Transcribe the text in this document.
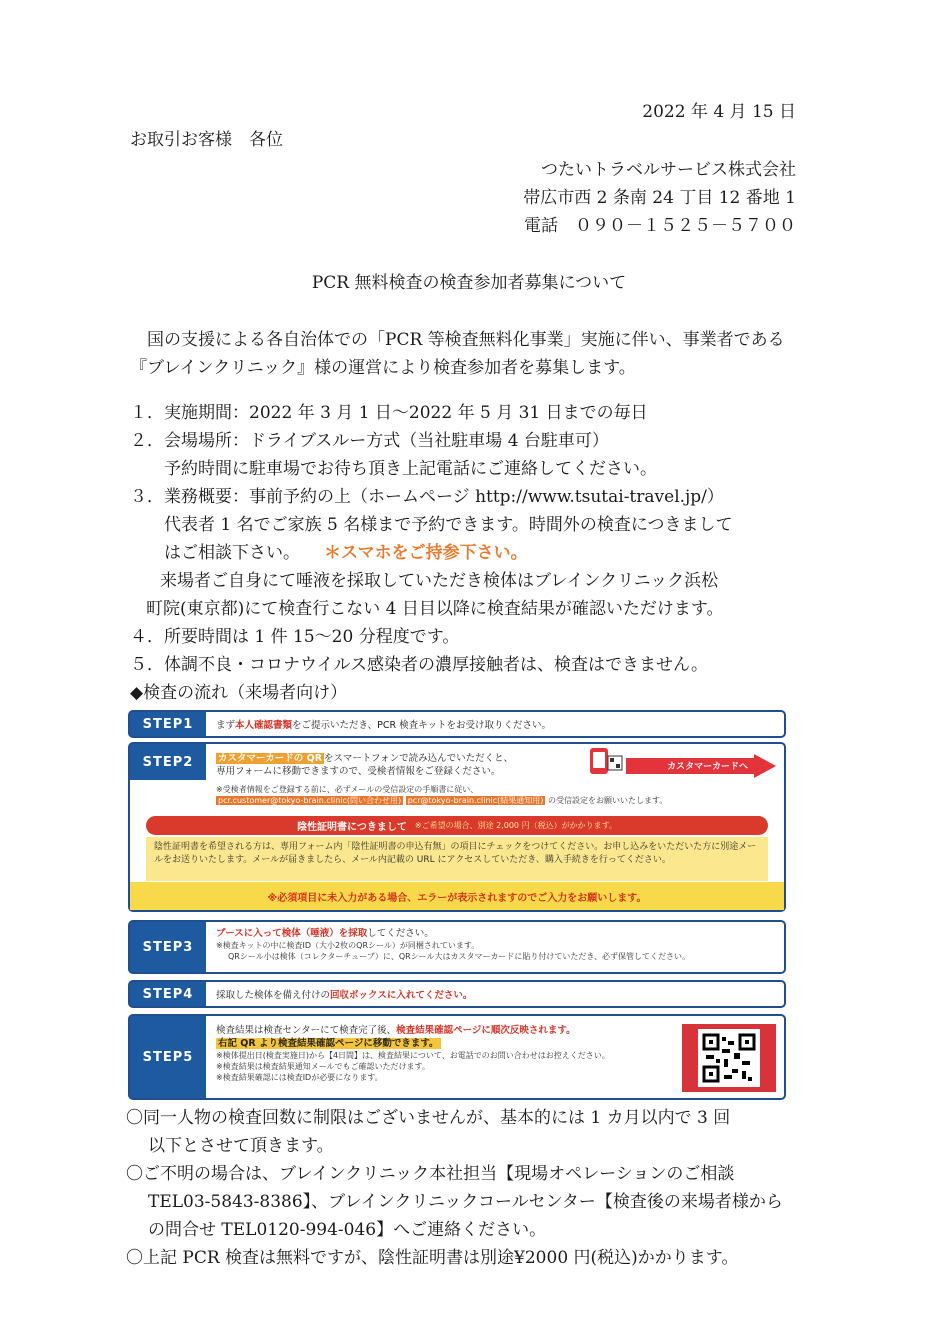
2022 年 4 月 15 日
お取引お客様　各位
つたいトラベルサービス株式会社
帯広市西 2 条南 24 丁目 12 番地 1
電話　０９０－１５２５－５７００
PCR 無料検査の検査参加者募集について
国の支援による各自治体での「PCR 等検査無料化事業」実施に伴い、事業者である『ブレインクリニック』様の運営により検査参加者を募集します。
１． 実施期間：2022 年 3 月 1 日～2022 年 5 月 31 日までの毎日
２． 会場場所：ドライブスルー方式（当社駐車場 4 台駐車可）
予約時間に駐車場でお待ち頂き上記電話にご連絡してください。
３． 業務概要：事前予約の上（ホームページ http://www.tsutai-travel.jp/）
代表者 1 名でご家族 5 名様まで予約できます。時間外の検査につきまして
はご相談下さい。 ＊スマホをご持参下さい。
来場者ご自身にて唾液を採取していただき検体はブレインクリニック浜松
町院(東京都)にて検査行こない 4 日目以降に検査結果が確認いただけます。
４． 所要時間は 1 件 15～20 分程度です。
５． 体調不良・コロナウイルス感染者の濃厚接触者は、検査はできません。
◆検査の流れ（来場者向け）
STEP1	まず本人確認書類をご提示いただき、PCR 検査キットをお受け取りください。
STEP2	カスタマーカードの QR をスマートフォンで読み込んでいただくと、
専用フォームに移動できますので、受検者情報をご登録ください。
※受検者情報をご登録する前に、必ずメールの受信設定の手順書に従い、
pcr.customer@tokyo-brain.clinic(問い合わせ用) pcr@tokyo-brain.clinic(結果通知用) の受信設定をお願いいたします。
カスタマーカードへ
陰性証明書につきまして ※ご希望の場合、別途 2,000 円（税込）がかかります。
陰性証明書を希望される方は、専用フォーム内「陰性証明書の申込有無」の項目にチェックをつけてください。お申し込みをいただいた方に別途メールをお送りいたします。メールが届きましたら、メール内記載の URL にアクセスしていただき、購入手続きを行ってください。
※必須項目に未入力がある場合、エラーが表示されますのでご入力をお願いします。
STEP3
ブースに入って検体（唾液）を採取してください。
※検査キットの中に検査ID（大小2枚のQRシール）が同梱されています。
QRシール小は検体（コレクターチューブ）に、QRシール大はカスタマーカードに貼り付けていただき、必ず保管してください。
STEP4	採取した検体を備え付けの回収ボックスに入れてください。
STEP5
検査結果は検査センターにて検査完了後、検査結果確認ページに順次反映されます。
右記 QR より検査結果確認ページに移動できます。
※検体提出日(検査実施日)から【4日間】は、検査結果について、お電話でのお問い合わせはお控えください。
※検査結果は検査結果通知メールでもご確認いただけます。
※検査結果確認には検査IDが必要になります。
〇同一人物の検査回数に制限はございませんが、基本的には 1 カ月以内で 3 回
以下とさせて頂きます。
〇ご不明の場合は、ブレインクリニック本社担当【現場オペレーションのご相談
TEL03-5843-8386】、ブレインクリニックコールセンター【検査後の来場者様から
の問合せ TEL0120-994-046】へご連絡ください。
〇上記 PCR 検査は無料ですが、陰性証明書は別途¥2000 円(税込)かかります。
